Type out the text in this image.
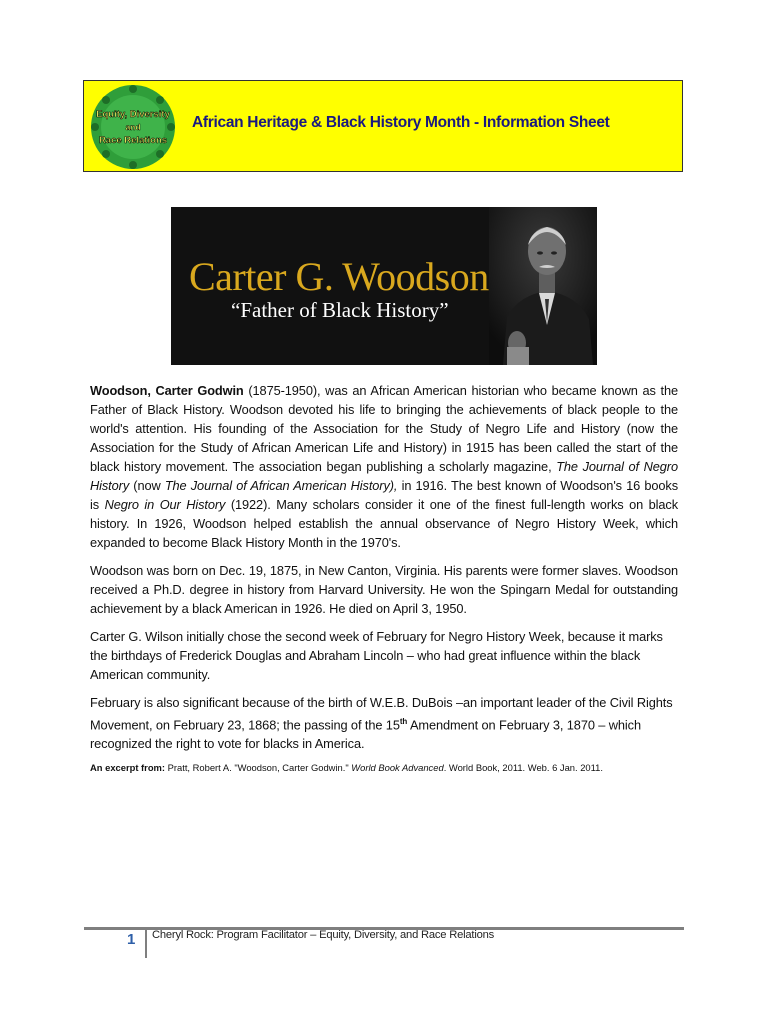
Equity, Diversity
and
Race Relations
African Heritage & Black History Month - Information Sheet
Carter G. Woodson
“Father of Black History”

Woodson, Carter Godwin (1875-1950), was an African American historian who became known as the Father of Black History. Woodson devoted his life to bringing the achievements of black people to the world's attention. His founding of the Association for the Study of Negro Life and History (now the Association for the Study of African American Life and History) in 1915 has been called the start of the black history movement. The association began publishing a scholarly magazine, The Journal of Negro History (now The Journal of African American History), in 1916. The best known of Woodson's 16 books is Negro in Our History (1922). Many scholars consider it one of the finest full-length works on black history. In 1926, Woodson helped establish the annual observance of Negro History Week, which expanded to become Black History Month in the 1970's.

Woodson was born on Dec. 19, 1875, in New Canton, Virginia. His parents were former slaves. Woodson received a Ph.D. degree in history from Harvard University. He won the Spingarn Medal for outstanding achievement by a black American in 1926. He died on April 3, 1950.

Carter G. Wilson initially chose the second week of February for Negro History Week, because it marks the birthdays of Frederick Douglas and Abraham Lincoln – who had great influence within the black American community.

February is also significant because of the birth of W.E.B. DuBois –an important leader of the Civil Rights Movement, on February 23, 1868; the passing of the 15th Amendment on February 3, 1870 – which recognized the right to vote for blacks in America.

An excerpt from: Pratt, Robert A. "Woodson, Carter Godwin." World Book Advanced. World Book, 2011. Web. 6 Jan. 2011.
1 Cheryl Rock: Program Facilitator – Equity, Diversity, and Race Relations
